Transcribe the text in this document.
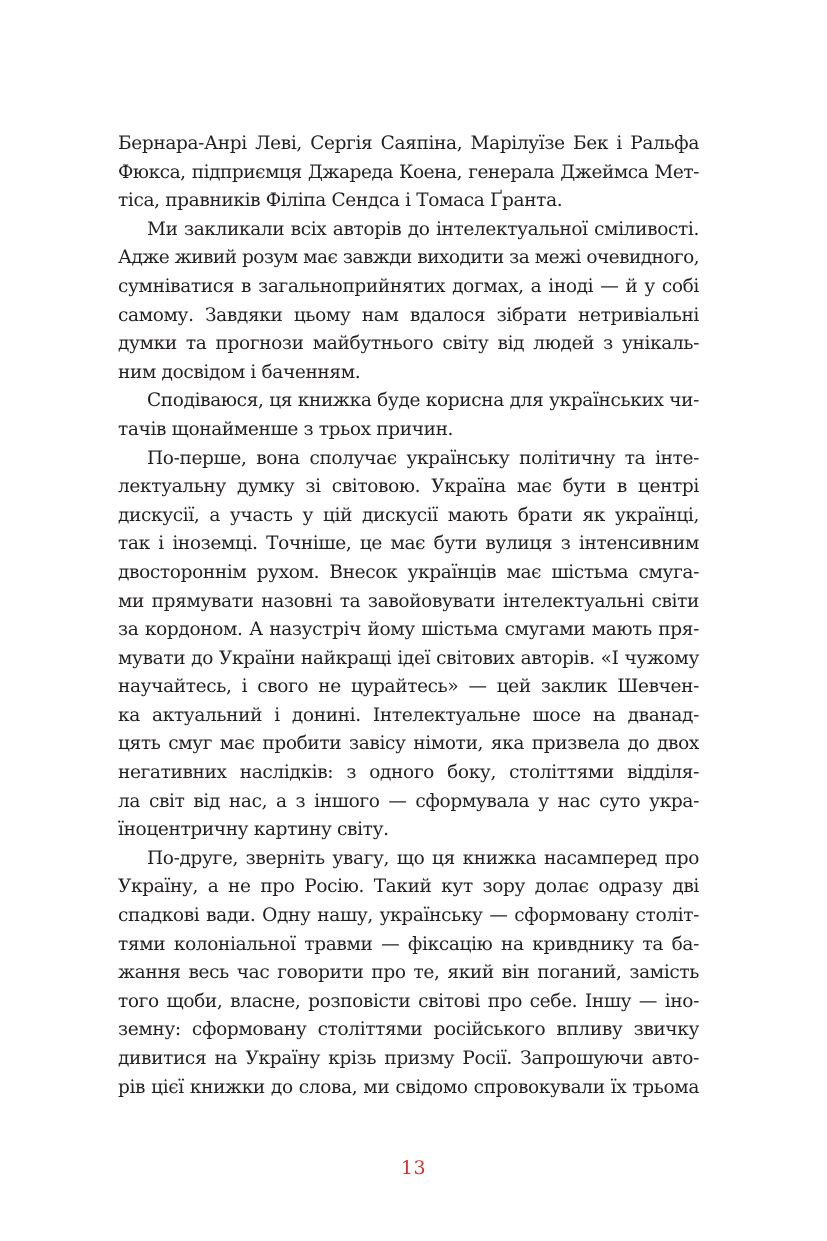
Бернара-Анрі Леві, Сергія Саяпіна, Марілуїзе Бек і Ральфа
Фюкса, підприємця Джареда Коена, генерала Джеймса Мет-
тіса, правників Філіпа Сендса і Томаса Ґранта.
Ми закликали всіх авторів до інтелектуальної сміливості.
Адже живий розум має завжди виходити за межі очевидного,
сумніватися в загальноприйнятих догмах, а іноді — й у собі
самому. Завдяки цьому нам вдалося зібрати нетривіальні
думки та прогнози майбутнього світу від людей з унікаль-
ним досвідом і баченням.
Сподіваюся, ця книжка буде корисна для українських чи-
тачів щонайменше з трьох причин.
По-перше, вона сполучає українську політичну та інте-
лектуальну думку зі світовою. Україна має бути в центрі
дискусії, а участь у цій дискусії мають брати як українці,
так і іноземці. Точніше, це має бути вулиця з інтенсивним
двостороннім рухом. Внесок українців має шістьма смуга-
ми прямувати назовні та завойовувати інтелектуальні світи
за кордоном. А назустріч йому шістьма смугами мають пря-
мувати до України найкращі ідеї світових авторів. «І чужому
научайтесь, і свого не цурайтесь» — цей заклик Шевчен-
ка актуальний і донині. Інтелектуальне шосе на дванад-
цять смуг має пробити завісу німоти, яка призвела до двох
негативних наслідків: з одного боку, століттями відділя-
ла світ від нас, а з іншого — сформувала у нас суто укра-
їноцентричну картину світу.
По-друге, зверніть увагу, що ця книжка насамперед про
Україну, а не про Росію. Такий кут зору долає одразу дві
спадкові вади. Одну нашу, українську — сформовану століт-
тями колоніальної травми — фіксацію на кривднику та ба-
жання весь час говорити про те, який він поганий, замість
того щоби, власне, розповісти світові про себе. Іншу — іно-
земну: сформовану століттями російського впливу звичку
дивитися на Україну крізь призму Росії. Запрошуючи авто-
рів цієї книжки до слова, ми свідомо спровокували їх трьома
13
